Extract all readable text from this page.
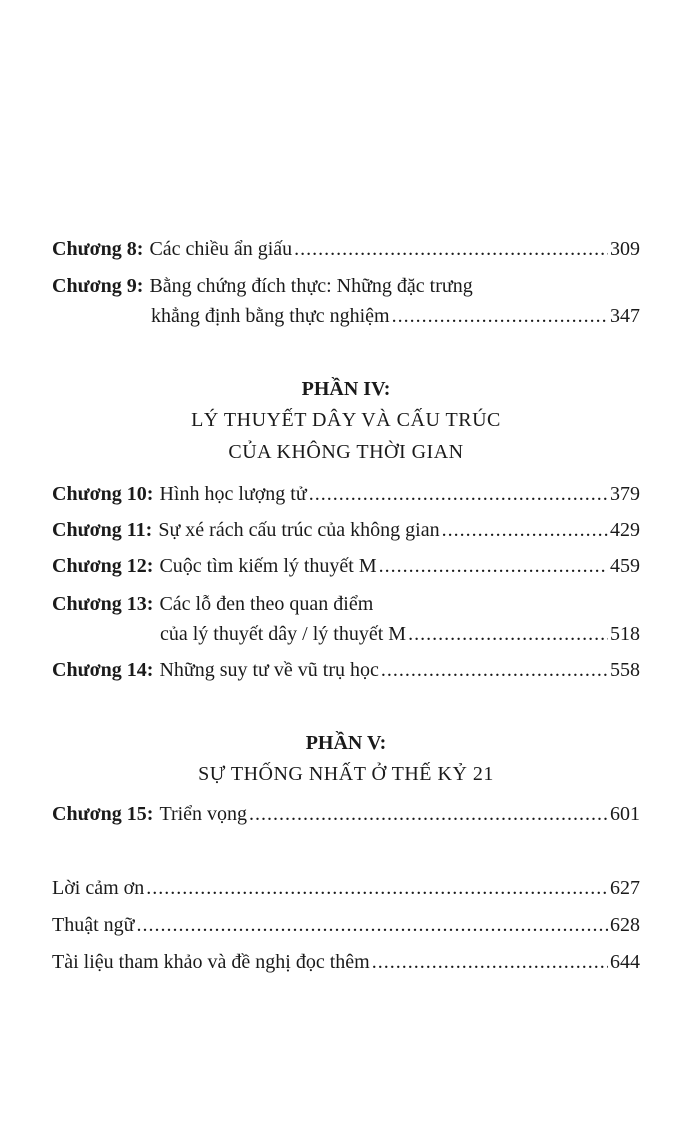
Chương 8: Các chiều ẩn giấu .....	309
Chương 9: Bằng chứng đích thực: Những đặc trưng
khẳng định bằng thực nghiệm .....	347
PHẦN IV:
LÝ THUYẾT DÂY VÀ CẤU TRÚC
CỦA KHÔNG THỜI GIAN
Chương 10: Hình học lượng tử .....	379
Chương 11: Sự xé rách cấu trúc của không gian .....	429
Chương 12: Cuộc tìm kiếm lý thuyết M .....	459
Chương 13: Các lỗ đen theo quan điểm
của lý thuyết dây / lý thuyết M .....	518
Chương 14: Những suy tư về vũ trụ học .....	558
PHẦN V:
SỰ THỐNG NHẤT Ở THẾ KỶ 21
Chương 15: Triển vọng .....	601
Lời cảm ơn .....	627
Thuật ngữ .....	628
Tài liệu tham khảo và đề nghị đọc thêm .....	644
